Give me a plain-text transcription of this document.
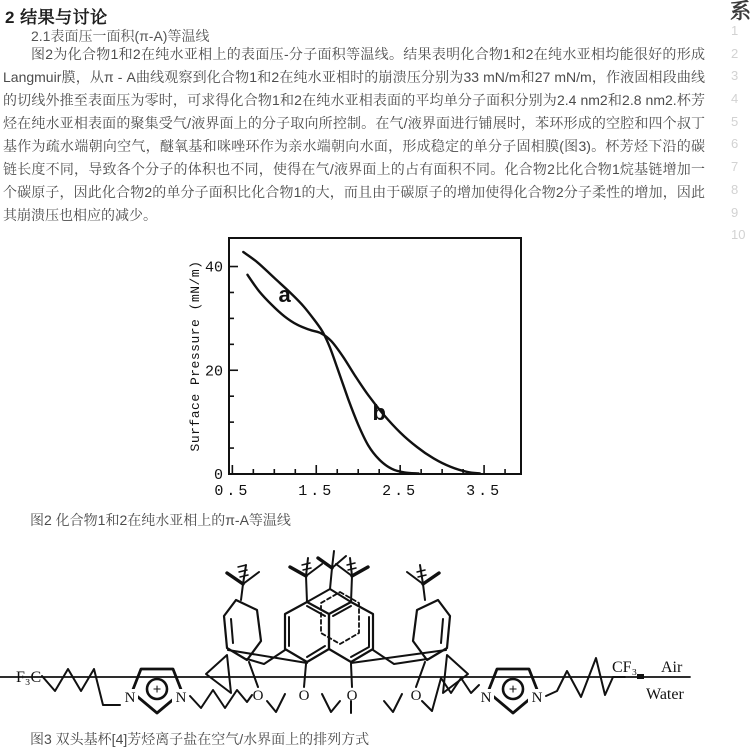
2 结果与讨论
2.1表面压一面积(π-A)等温线

图2为化合物1和2在纯水亚相上的表面压-分子面积等温线。结果表明化合物1和2在纯水亚相均能很好的形成Langmuir膜，从π - A曲线观察到化合物1和2在纯水亚相时的崩溃压分别为33 mN/m和27 mN/m，作液固相段曲线的切线外推至表面压为零时，可求得化合物1和2在纯水亚相表面的平均单分子面积分别为2.4 nm2和2.8 nm2.杯芳烃在纯水亚相表面的聚集受气/液界面上的分子取向所控制。在气/液界面进行铺展时，苯环形成的空腔和四个叔丁基作为疏水端朝向空气，醚氧基和咪唑环作为亲水端朝向水面，形成稳定的单分子固相膜(图3)。杯芳烃下沿的碳链长度不同，导致各个分子的体积也不同，使得在气/液界面上的占有面积不同。化合物2比化合物1烷基链增加一个碳原子，因此化合物2的单分子面积比化合物1的大，而且由于碳原子的增加使得化合物2分子柔性的增加，因此其崩溃压也相应的减少。

0.5	1.5	2.5	3.5
0
20
40
Surface Pressure (mN/m)	a
b
图2 化合物1和2在纯水亚相上的π-A等温线
F₃C
N	N
+	O O O	O	N	N
+
CF₃ Air
Water
图3 双头基杯[4]芳烃离子盐在空气/水界面上的排列方式
系
1
2
3
4
5
6
7
8
9
10
